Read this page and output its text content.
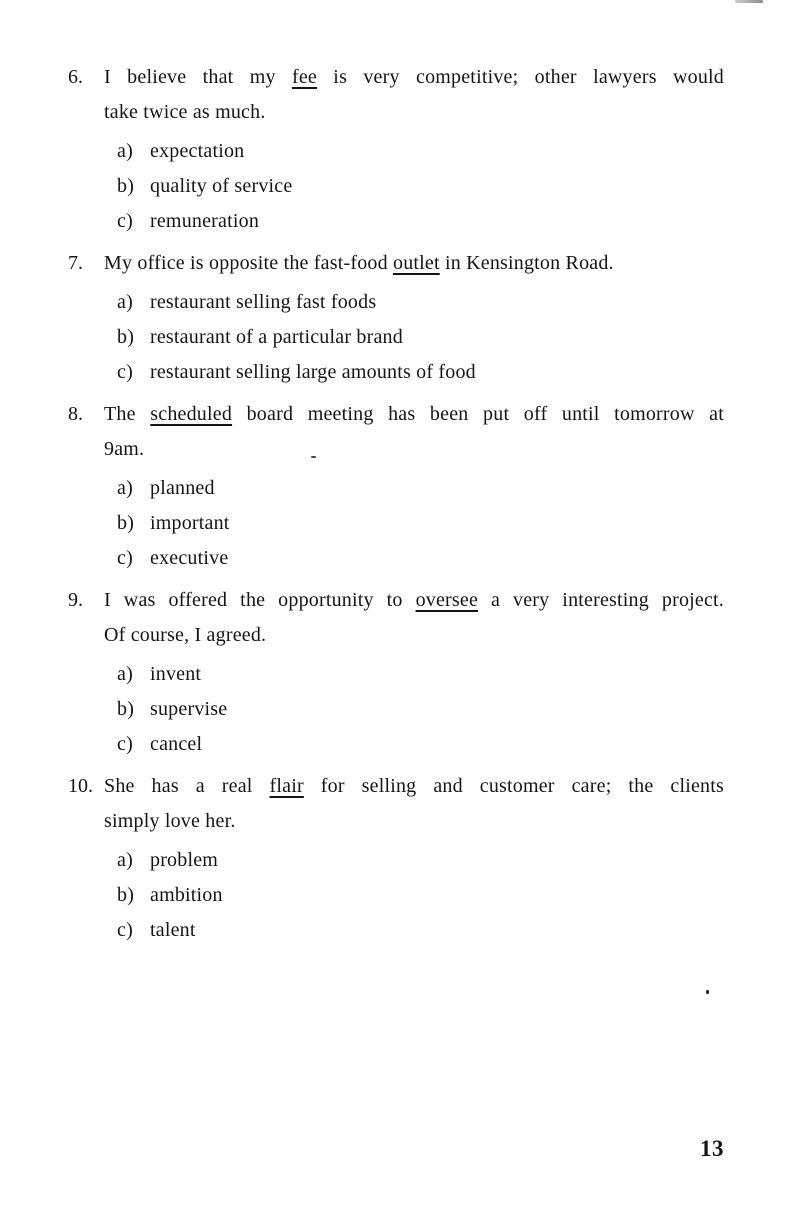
6.	I believe that my fee is very competitive; other lawyers would
take twice as much.
a) expectation
b) quality of service
c) remuneration
7.	My office is opposite the fast-food outlet in Kensington Road.
a) restaurant selling fast foods
b) restaurant of a particular brand
c) restaurant selling large amounts of food
8.	The scheduled board meeting has been put off until tomorrow at
9am.
a) planned
b) important
c) executive
9.	I was offered the opportunity to oversee a very interesting project.
Of course, I agreed.
a) invent
b) supervise
c) cancel
10. She has a real flair for selling and customer care; the clients
simply love her.
a) problem
b) ambition
c) talent
13
